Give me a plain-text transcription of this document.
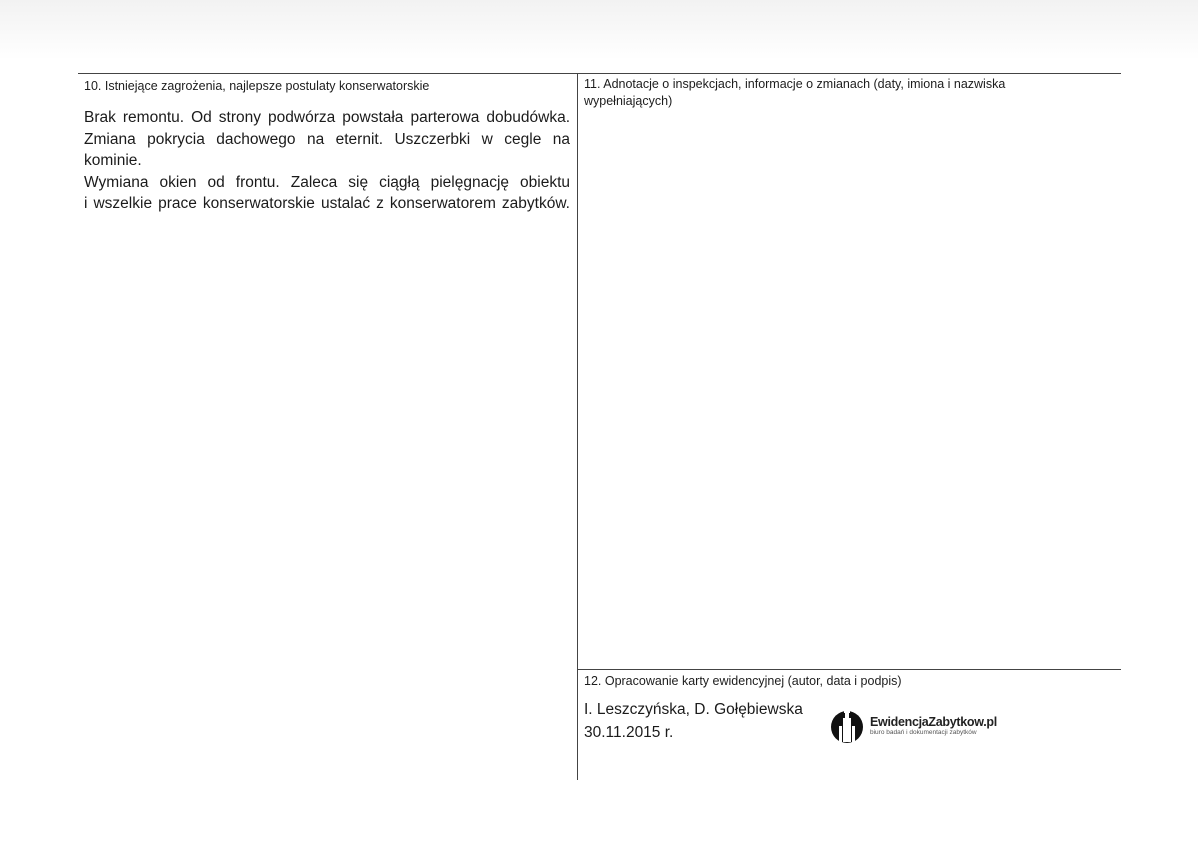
10. Istniejące zagrożenia, najlepsze postulaty konserwatorskie
Brak remontu. Od strony podwórza powstała parterowa dobudówka.
Zmiana pokrycia dachowego na eternit. Uszczerbki w cegle na kominie.
Wymiana okien od frontu. Zaleca się ciągłą pielęgnację obiektu
i wszelkie prace konserwatorskie ustalać z konserwatorem zabytków.
11. Adnotacje o inspekcjach, informacje o zmianach (daty, imiona i nazwiska
wypełniających)
12. Opracowanie karty ewidencyjnej (autor, data i podpis)
I. Leszczyńska, D. Gołębiewska
30.11.2015 r.
EwidencjaZabytkow.pl
biuro badań i dokumentacji zabytków
